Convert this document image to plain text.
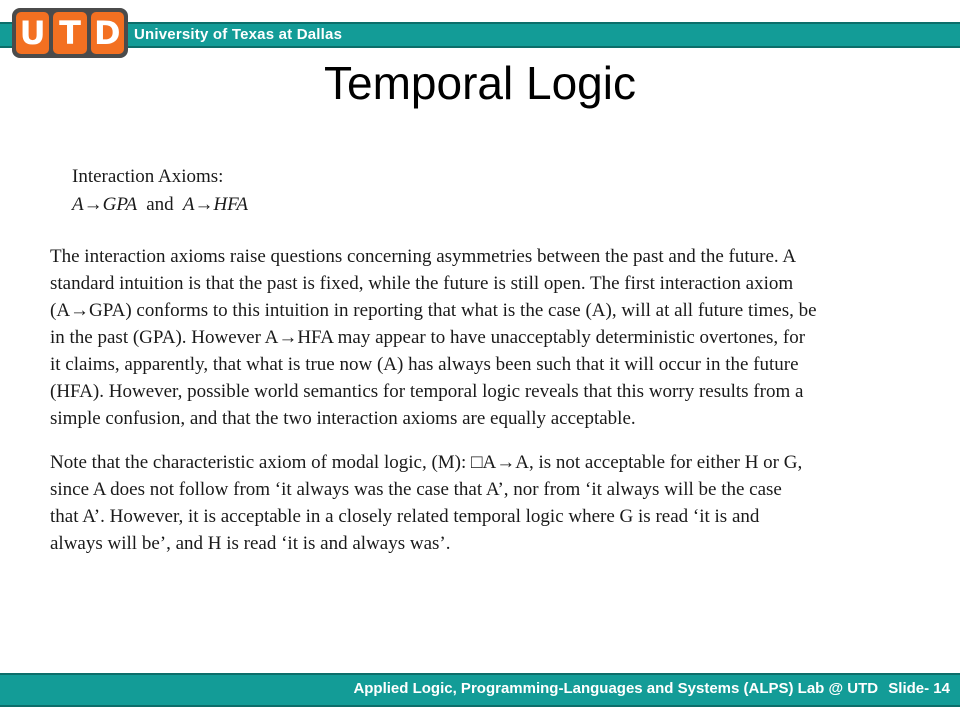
University of Texas at Dallas
U T D
Temporal Logic
Interaction Axioms:
A→GPA and A→HFA
The interaction axioms raise questions concerning asymmetries between the past and the future. A
standard intuition is that the past is fixed, while the future is still open. The first interaction axiom
(A→GPA) conforms to this intuition in reporting that what is the case (A), will at all future times, be
in the past (GPA). However A→HFA may appear to have unacceptably deterministic overtones, for
it claims, apparently, that what is true now (A) has always been such that it will occur in the future
(HFA). However, possible world semantics for temporal logic reveals that this worry results from a
simple confusion, and that the two interaction axioms are equally acceptable.
Note that the characteristic axiom of modal logic, (M): □A→A, is not acceptable for either H or G,
since A does not follow from ‘it always was the case that A’, nor from ‘it always will be the case
that A’. However, it is acceptable in a closely related temporal logic where G is read ‘it is and
always will be’, and H is read ‘it is and always was’.
Applied Logic, Programming-Languages and Systems (ALPS) Lab @ UTD Slide- 14
